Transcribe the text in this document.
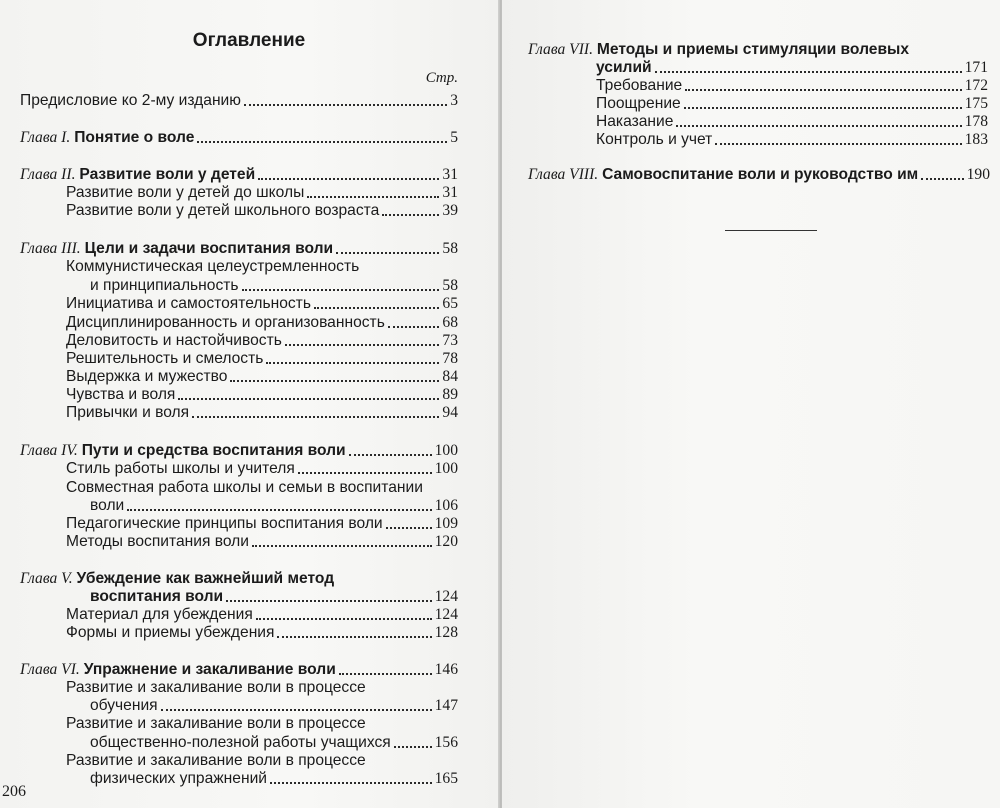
Оглавление
Стр.
Предисловие ко 2-му изданию	3
Глава I. Понятие о воле	5
Глава II. Развитие воли у детей	31
Развитие воли у детей до школы	31
Развитие воли у детей школьного возраста	39
Глава III. Цели и задачи воспитания воли	58
Коммунистическая целеустремленность
и принципиальность	58
Инициатива и самостоятельность	65
Дисциплинированность и организованность	68
Деловитость и настойчивость	73
Решительность и смелость	78
Выдержка и мужество	84
Чувства и воля	89
Привычки и воля	94
Глава IV. Пути и средства воспитания воли	100
Стиль работы школы и учителя	100
Совместная работа школы и семьи в воспитании
воли	106
Педагогические принципы воспитания воли	109
Методы воспитания воли	120
Глава V. Убеждение как важнейший метод
воспитания воли	124
Материал для убеждения	124
Формы и приемы убеждения	128
Глава VI. Упражнение и закаливание воли	146
Развитие и закаливание воли в процессе
обучения	147
Развитие и закаливание воли в процессе
общественно-полезной работы учащихся	156
Развитие и закаливание воли в процессе
физических упражнений	165
206
Глава VII. Методы и приемы стимуляции волевых
усилий	171
Требование	172
Поощрение	175
Наказание	178
Контроль и учет	183
Глава VIII. Самовоспитание воли и руководство им	190
